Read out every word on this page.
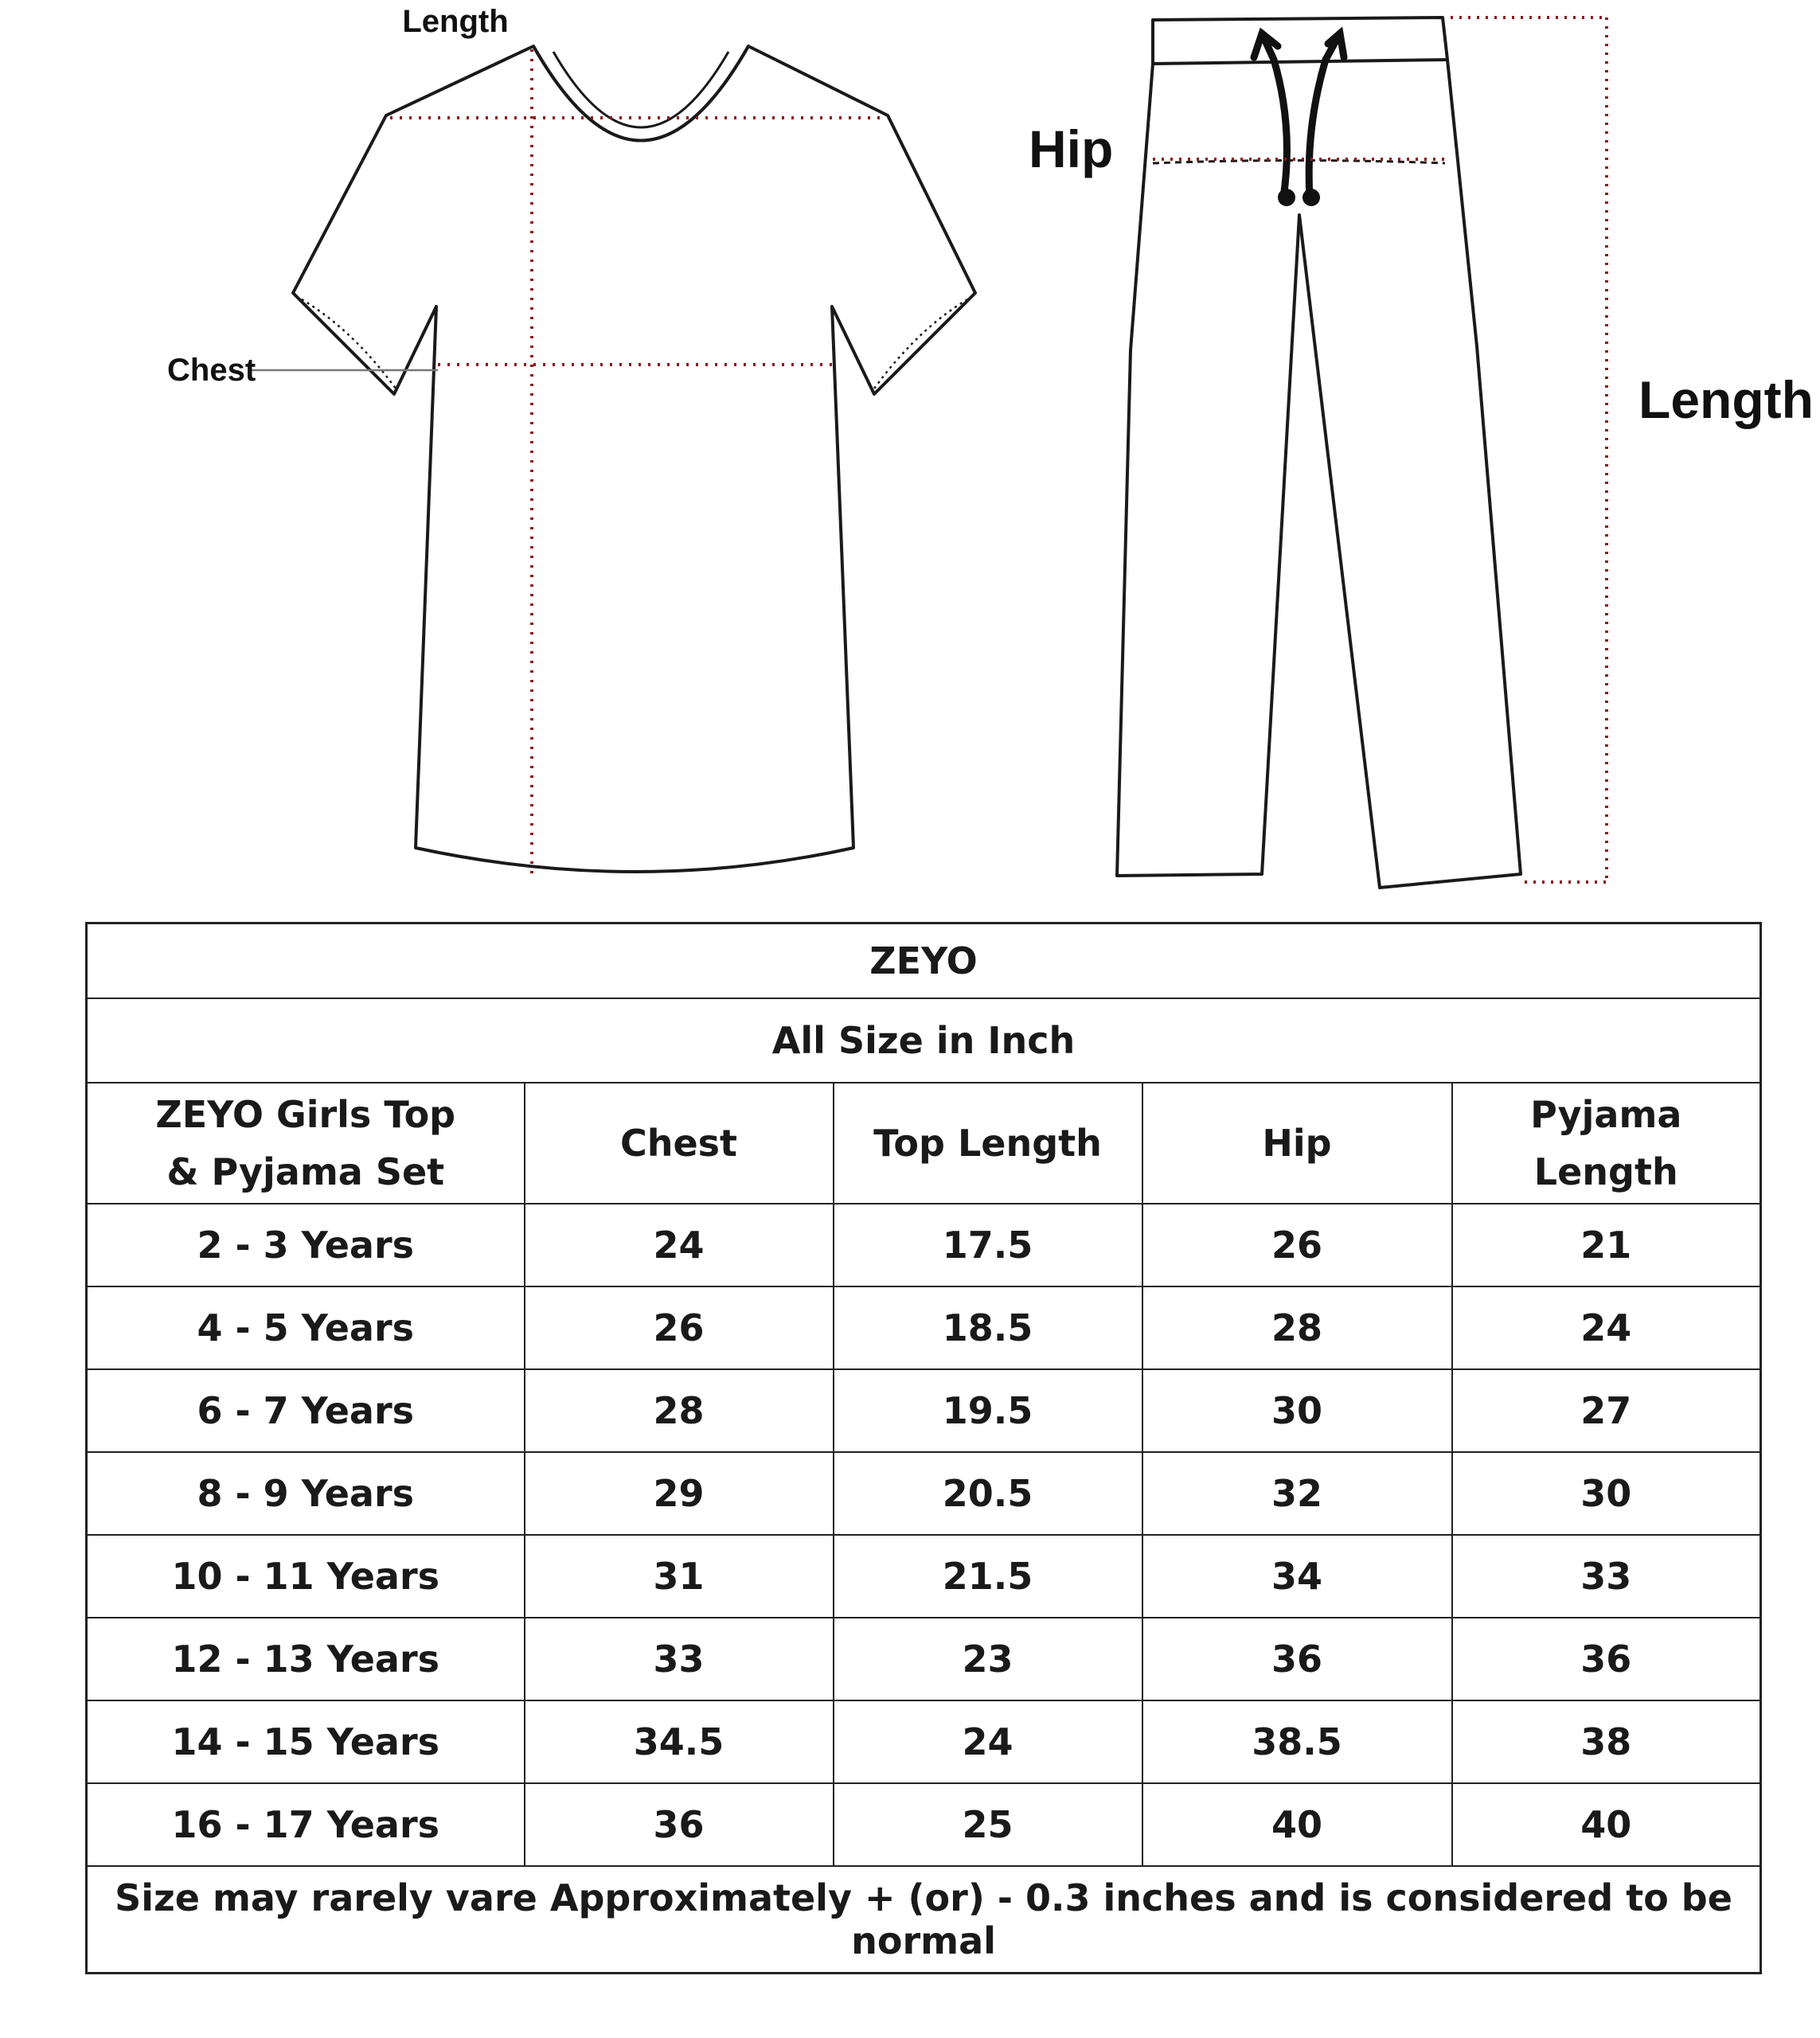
Length
Chest
Hip
Length
ZEYO				
All Size in Inch				
ZEYO Girls Top & Pyjama Set	Chest	Top Length	Hip	Pyjama Length
2 - 3 Years	24	17.5	26	21
4 - 5 Years	26	18.5	28	24
6 - 7 Years	28	19.5	30	27
8 - 9 Years	29	20.5	32	30
10 - 11 Years	31	21.5	34	33
12 - 13 Years	33	23	36	36
14 - 15 Years	34.5	24	38.5	38
16 - 17 Years	36	25	40	40
Size may rarely vare Approximately + (or) - 0.3 inches and is considered to be normal				
